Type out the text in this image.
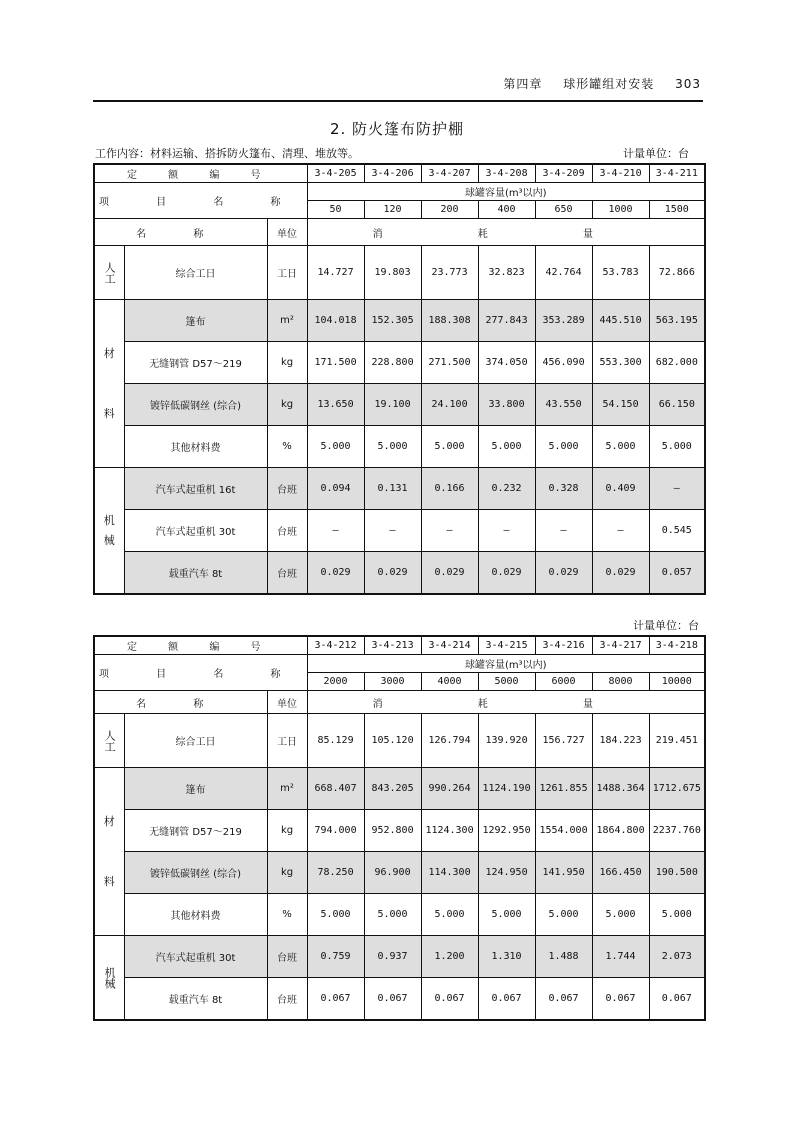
第四章 球形罐组对安装 303
2. 防火篷布防护棚
工作内容：材料运输、搭拆防火篷布、清理、堆放等。	计量单位：台
定 额 编 号			3-4-205	3-4-206	3-4-207	3-4-208	3-4-209	3-4-210	3-4-211
项 目 名 称			球罐容量(m³以内)						
			50	120	200	400	650	1000	1500
名 称		单位	消 耗 量						
人工	综合工日	工日	14.727	19.803	23.773	32.823	42.764	53.783	72.866

材
料	篷布	m²	104.018	152.305	188.308	277.843	353.289	445.510	563.195
	无缝钢管 D57～219	kg	171.500	228.800	271.500	374.050	456.090	553.300	682.000
	镀锌低碳钢丝 (综合)	kg	13.650	19.100	24.100	33.800	43.550	54.150	66.150
	其他材料费	%	5.000	5.000	5.000	5.000	5.000	5.000	5.000

机
械	汽车式起重机 16t	台班	0.094	0.131	0.166	0.232	0.328	0.409	—
	汽车式起重机 30t	台班	—	—	—	—	—	—	0.545
	载重汽车 8t	台班	0.029	0.029	0.029	0.029	0.029	0.029	0.057
计量单位：台
定 额 编 号			3-4-212	3-4-213	3-4-214	3-4-215	3-4-216	3-4-217	3-4-218
项 目 名 称			球罐容量(m³以内)						
			2000	3000	4000	5000	6000	8000	10000
名 称		单位	消 耗 量						
人工	综合工日	工日	85.129	105.120	126.794	139.920	156.727	184.223	219.451

材
料	篷布	m²	668.407	843.205	990.264	1124.190	1261.855	1488.364	1712.675
	无缝钢管 D57～219	kg	794.000	952.800	1124.300	1292.950	1554.000	1864.800	2237.760
	镀锌低碳钢丝 (综合)	kg	78.250	96.900	114.300	124.950	141.950	166.450	190.500
	其他材料费	%	5.000	5.000	5.000	5.000	5.000	5.000	5.000
机械	汽车式起重机 30t	台班	0.759	0.937	1.200	1.310	1.488	1.744	2.073
	载重汽车 8t	台班	0.067	0.067	0.067	0.067	0.067	0.067	0.067
